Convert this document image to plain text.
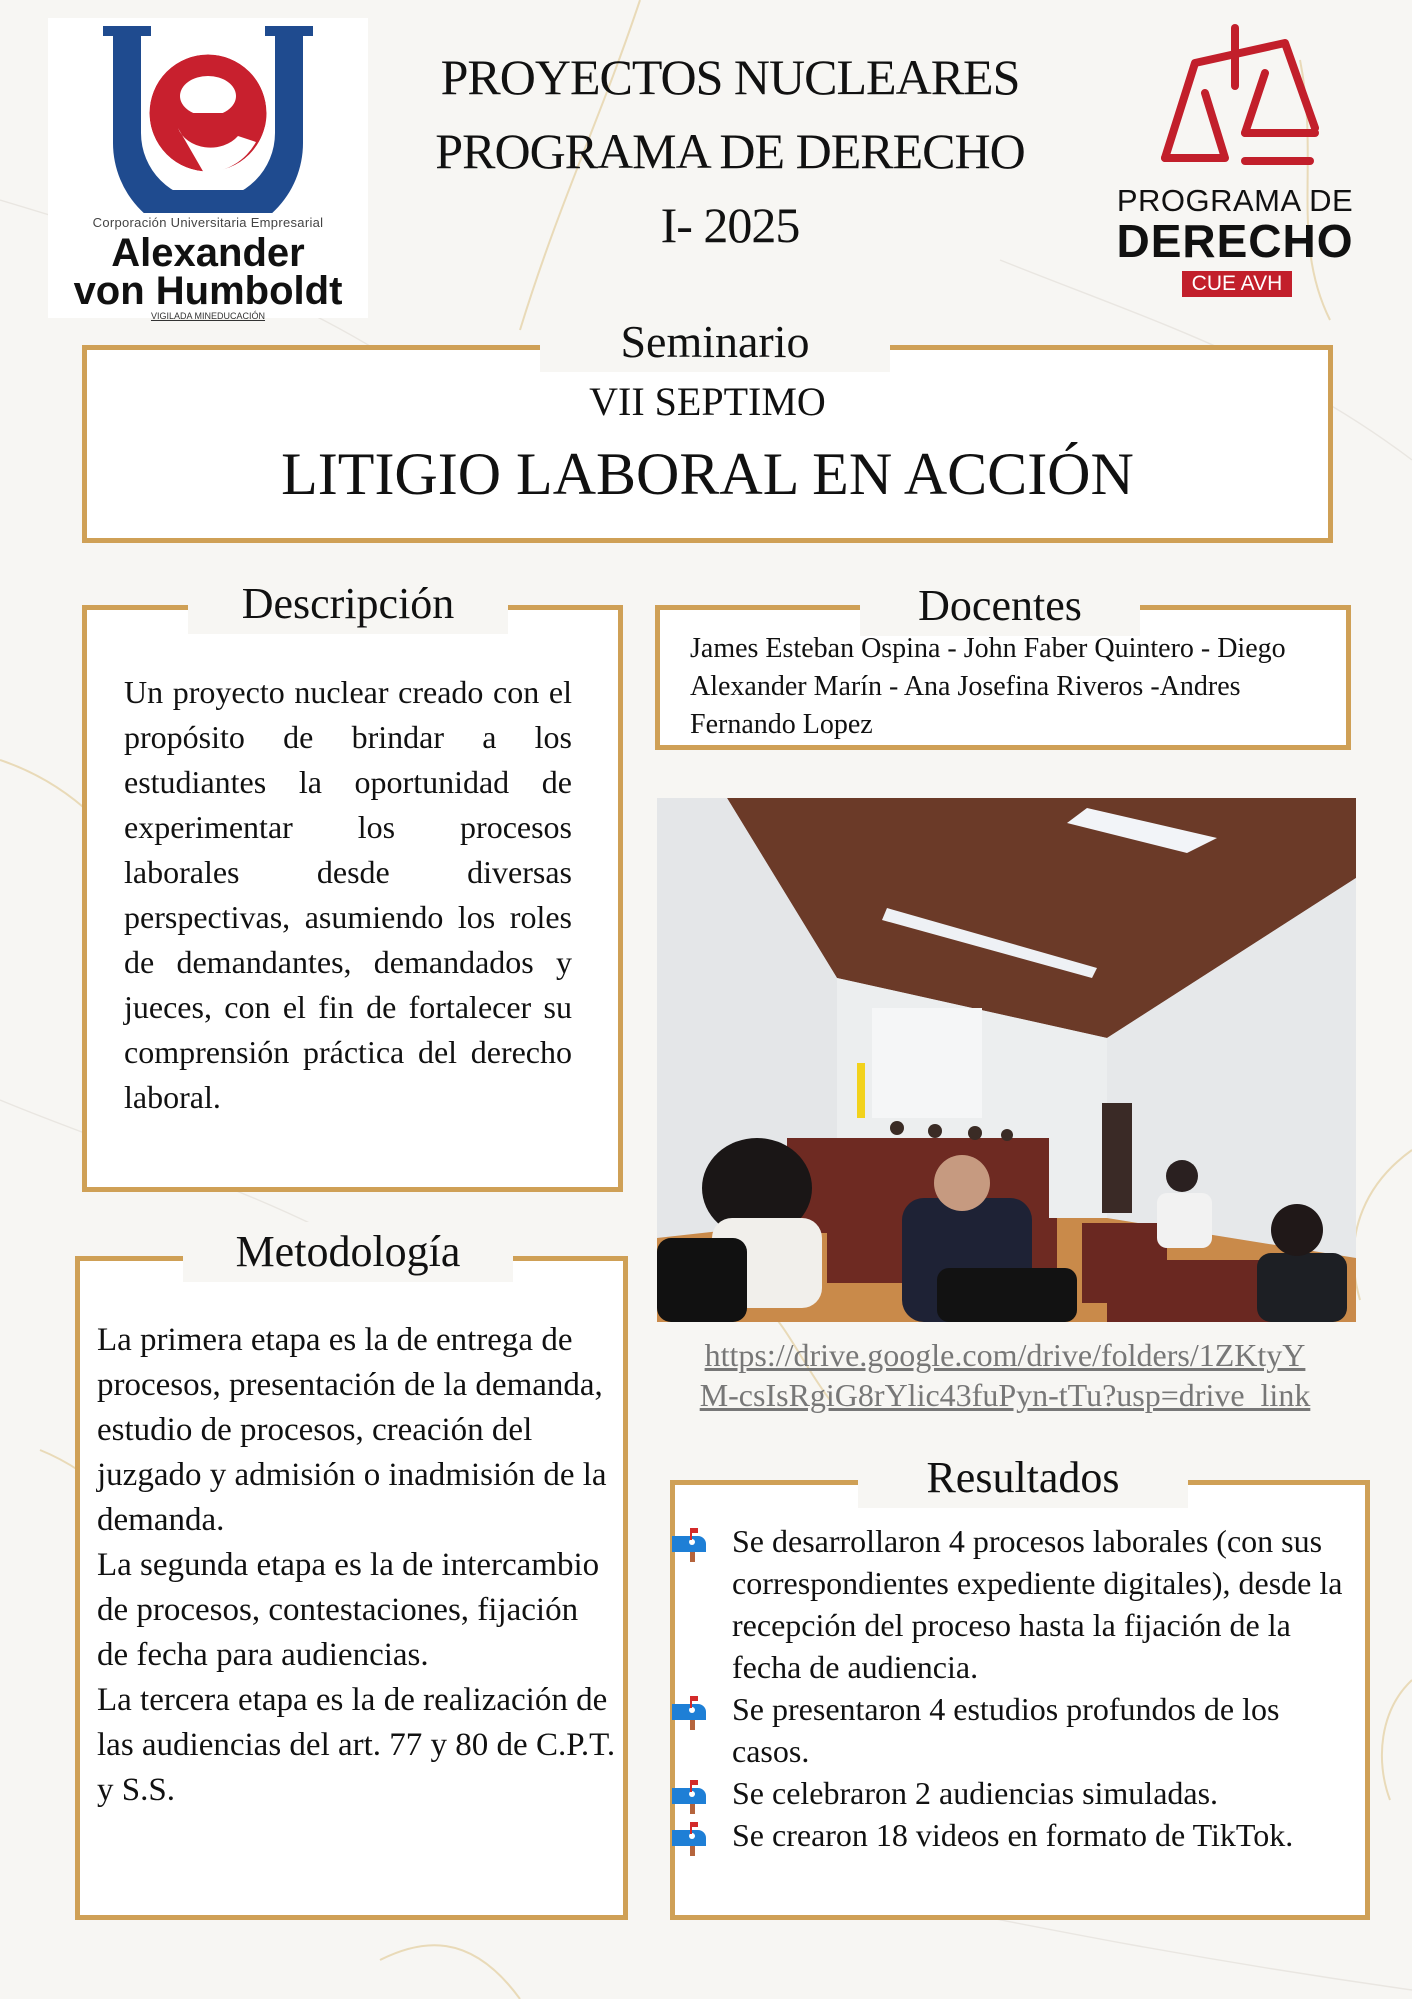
Corporación Universitaria Empresarial
Alexander
von Humboldt
VIGILADA MINEDUCACIÓN
PROYECTOS NUCLEARES
PROGRAMA DE DERECHO
I- 2025	PROGRAMA DE
DERECHO
CUE AVH
Seminario
VII SEPTIMO
LITIGIO LABORAL EN ACCIÓN
Descripción
Un proyecto nuclear creado con el propósito de brindar a los estudiantes la oportunidad de experimentar los procesos laborales desde diversas perspectivas, asumiendo los roles de demandantes, demandados y jueces, con el fin de fortalecer su comprensión práctica del derecho laboral.
Docentes
James Esteban Ospina - John Faber Quintero - Diego Alexander Marín - Ana Josefina Riveros -Andres Fernando Lopez
https://drive.google.com/drive/folders/1ZKtyY
M-csIsRgiG8rYlic43fuPyn-tTu?usp=drive_link
Metodología
La primera etapa es la de entrega de procesos, presentación de la demanda, estudio de procesos, creación del juzgado y admisión o inadmisión de la demanda.
La segunda etapa es la de intercambio de procesos, contestaciones, fijación de fecha para audiencias.
La tercera etapa es la de realización de las audiencias del art. 77 y 80 de C.P.T. y S.S.
Resultados
Se desarrollaron 4 procesos laborales (con sus correspondientes expediente digitales), desde la recepción del proceso hasta la fijación de la fecha de audiencia.
Se presentaron 4 estudios profundos de los casos.
Se celebraron 2 audiencias simuladas.
Se crearon 18 videos en formato de TikTok.
